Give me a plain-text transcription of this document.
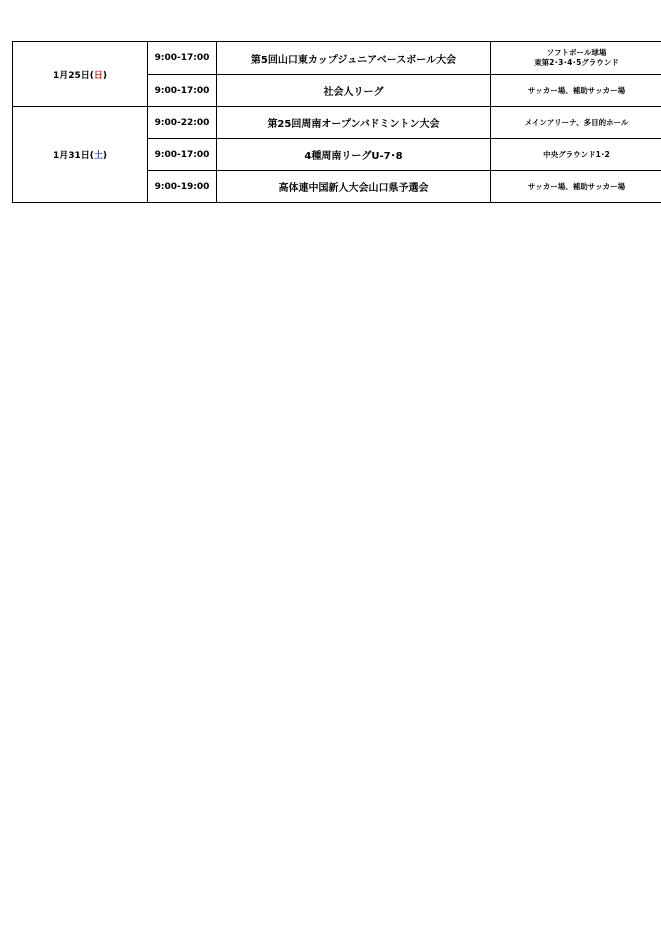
1月25日(日)	9:00-17:00	第5回山口東カップジュニアベースボール大会	ソフトボール球場
東第2･3･4･5グラウンド

	9:00-17:00	社会人リーグ	サッカー場、補助サッカー場

1月31日(土)	9:00-22:00	第25回周南オープンバドミントン大会	メインアリーナ、多目的ホール

	9:00-17:00	4種周南リーグU-7･8	中央グラウンド1･2

	9:00-19:00	高体連中国新人大会山口県予選会	サッカー場、補助サッカー場
